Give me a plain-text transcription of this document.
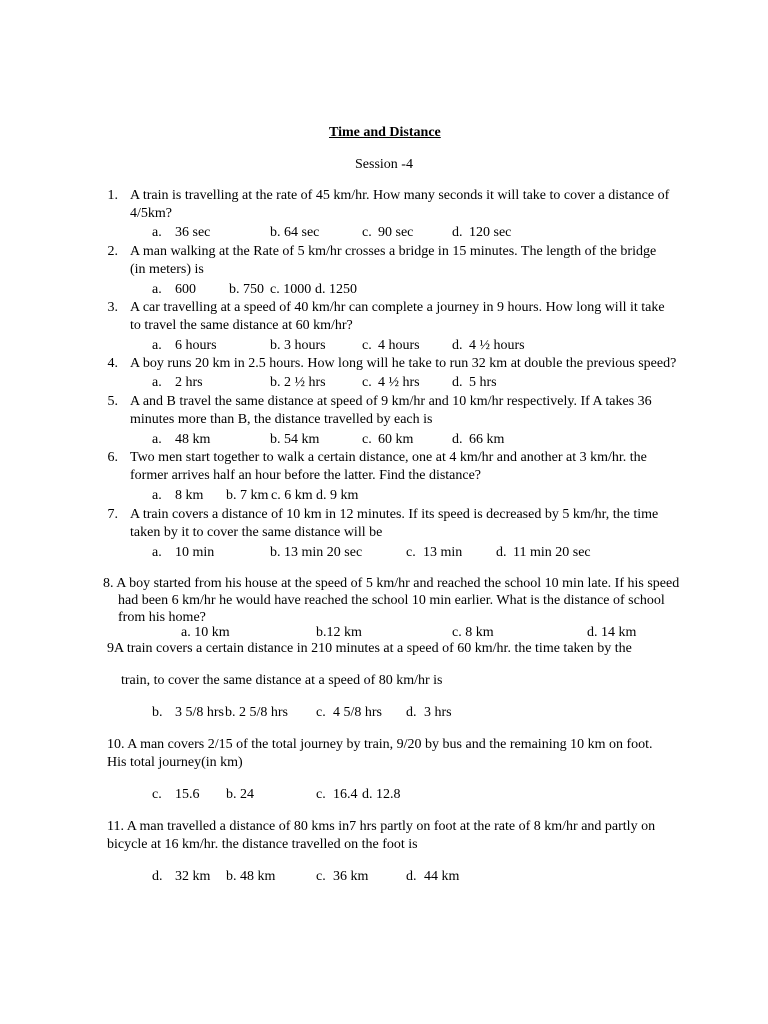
Time and Distance
Session -4
1. A train is travelling at the rate of 45 km/hr. How many seconds it will take to cover a distance of 4/5km?
a. 36 sec	b. 64 sec	c. 90 sec	d. 120 sec
2. A man walking at the Rate of 5 km/hr crosses a bridge in 15 minutes. The length of the bridge (in meters) is
a. 600 b. 750 c. 1000 d. 1250
3. A car travelling at a speed of 40 km/hr can complete a journey in 9 hours. How long will it take to travel the same distance at 60 km/hr?
a. 6 hours	b. 3 hours	c. 4 hours d. 4 ½ hours
4. A boy runs 20 km in 2.5 hours. How long will he take to run 32 km at double the previous speed?
a. 2 hrs	b. 2 ½ hrs	c. 4 ½ hrs d. 5 hrs
5. A and B travel the same distance at speed of 9 km/hr and 10 km/hr respectively. If A takes 36 minutes more than B, the distance travelled by each is
a. 48 km	b. 54 km	c. 60 km	d. 66 km
6. Two men start together to walk a certain distance, one at 4 km/hr and another at 3 km/hr. the former arrives half an hour before the latter. Find the distance?
a. 8 km b. 7 km c. 6 km d. 9 km
7. A train covers a distance of 10 km in 12 minutes. If its speed is decreased by 5 km/hr, the time taken by it to cover the same distance will be
a. 10 min	b. 13 min 20 sec	c. 13 min d. 11 min 20 sec
8. A boy started from his house at the speed of 5 km/hr and reached the school 10 min late. If his speed had been 6 km/hr he would have reached the school 10 min earlier. What is the distance of school from his home?
a. 10 km	b.12 km	c. 8 km	d. 14 km
9A train covers a certain distance in 210 minutes at a speed of 60 km/hr. the time taken by the
train, to cover the same distance at a speed of 80 km/hr is
b. 3 5/8 hrs b. 2 5/8 hrs c. 4 5/8 hrs d. 3 hrs
10. A man covers 2/15 of the total journey by train, 9/20 by bus and the remaining 10 km on foot. His total journey(in km)
c. 15.6 b. 24	c. 16.4 d. 12.8
11. A man travelled a distance of 80 kms in7 hrs partly on foot at the rate of 8 km/hr and partly on bicycle at 16 km/hr. the distance travelled on the foot is
d. 32 km b. 48 km	c. 36 km	d. 44 km
